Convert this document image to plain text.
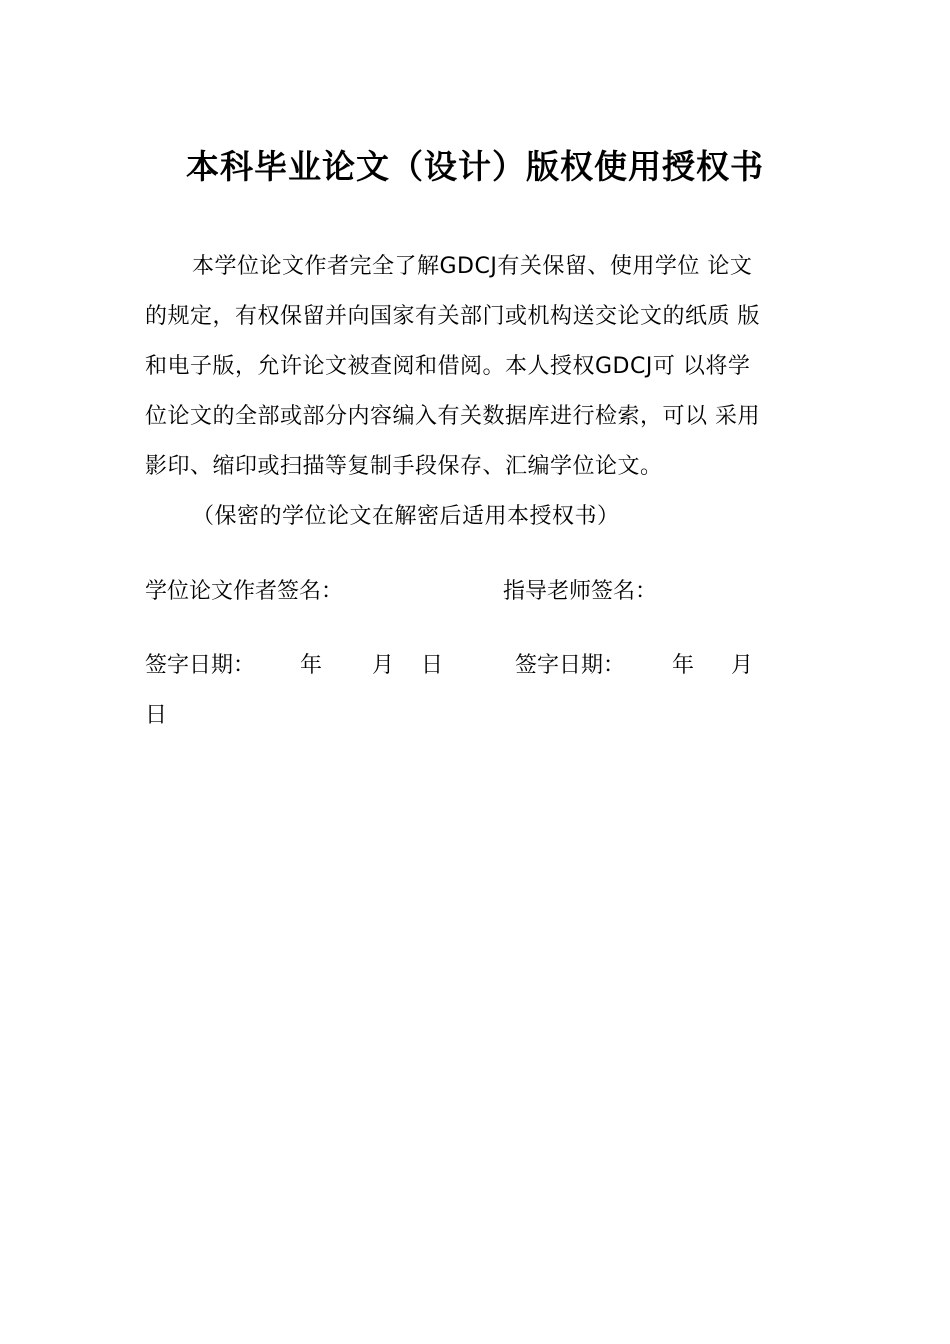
本科毕业论文（设计）版权使用授权书
本学位论文作者完全了解GDCJ有关保留、使用学位 论文
的规定，有权保留并向国家有关部门或机构送交论文的纸质 版
和电子版，允许论文被查阅和借阅。本人授权GDCJ可 以将学
位论文的全部或部分内容编入有关数据库进行检索，可以 采用
影印、缩印或扫描等复制手段保存、汇编学位论文。
（保密的学位论文在解密后适用本授权书）
学位论文作者签名：	指导老师签名：
签字日期： 年 月 日	签字日期： 年 月
日
